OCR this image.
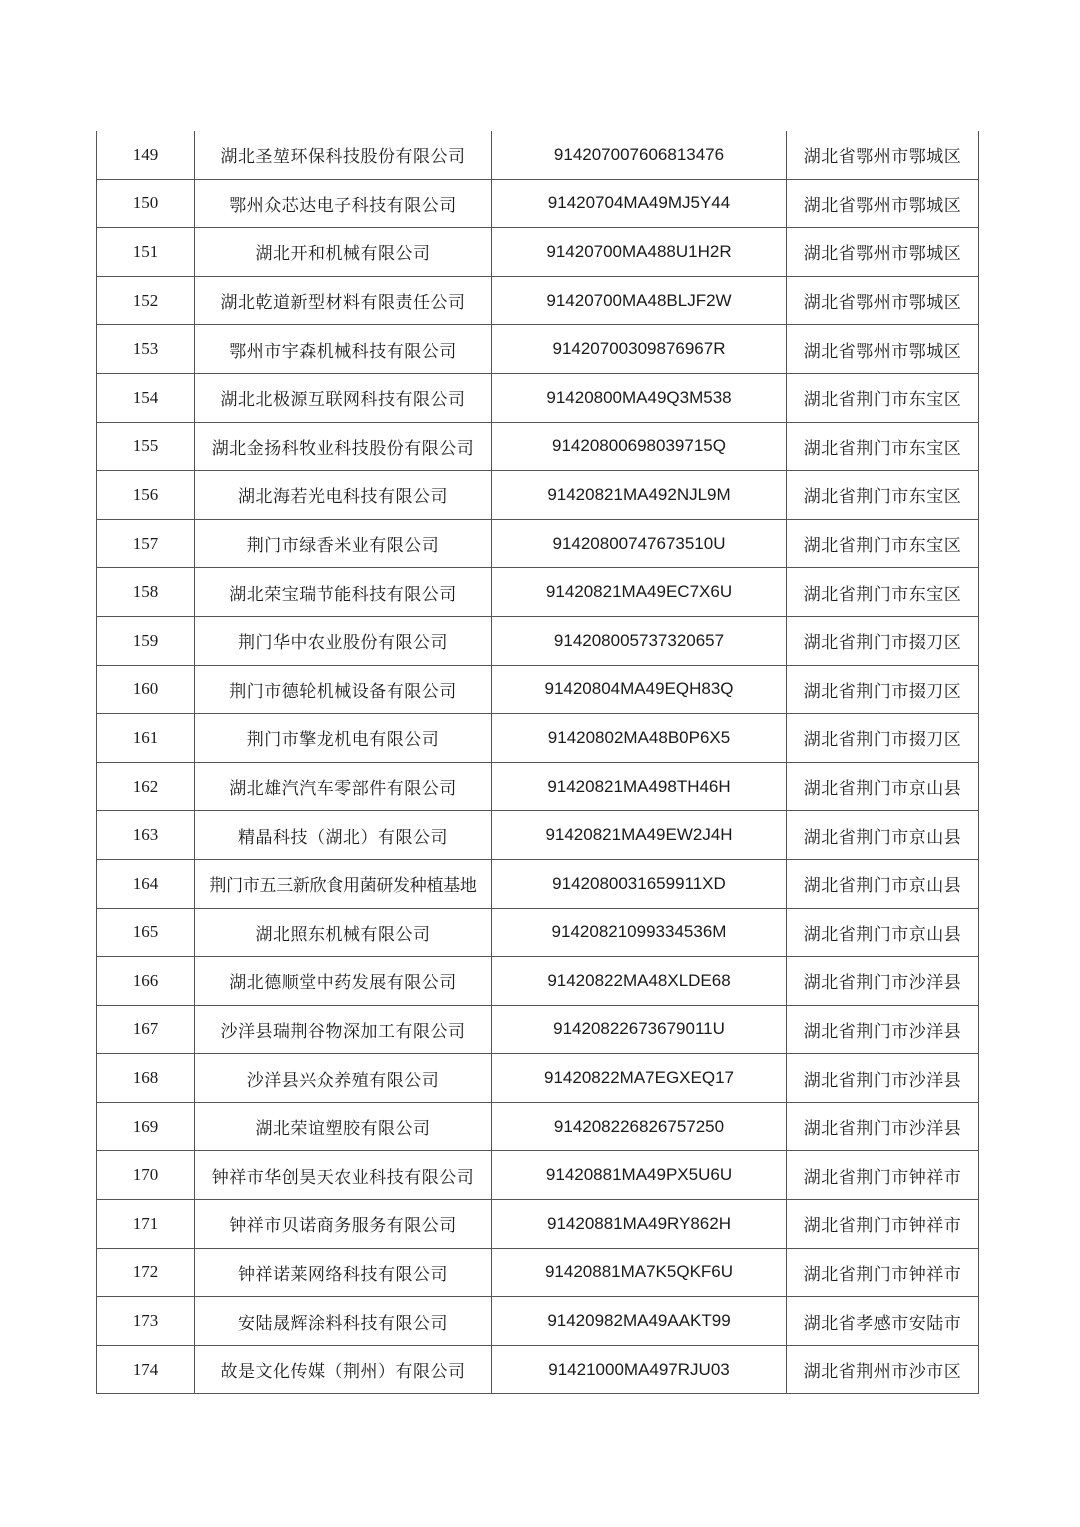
149	湖北圣堃环保科技股份有限公司	914207007606813476	湖北省鄂州市鄂城区
150	鄂州众芯达电子科技有限公司	91420704MA49MJ5Y44	湖北省鄂州市鄂城区
151	湖北开和机械有限公司	91420700MA488U1H2R	湖北省鄂州市鄂城区
152	湖北乾道新型材料有限责任公司	91420700MA48BLJF2W	湖北省鄂州市鄂城区
153	鄂州市宇森机械科技有限公司	91420700309876967R	湖北省鄂州市鄂城区
154	湖北北极源互联网科技有限公司	91420800MA49Q3M538	湖北省荆门市东宝区
155	湖北金扬科牧业科技股份有限公司	91420800698039715Q	湖北省荆门市东宝区
156	湖北海若光电科技有限公司	91420821MA492NJL9M	湖北省荆门市东宝区
157	荆门市绿香米业有限公司	91420800747673510U	湖北省荆门市东宝区
158	湖北荣宝瑞节能科技有限公司	91420821MA49EC7X6U	湖北省荆门市东宝区
159	荆门华中农业股份有限公司	914208005737320657	湖北省荆门市掇刀区
160	荆门市德轮机械设备有限公司	91420804MA49EQH83Q	湖北省荆门市掇刀区
161	荆门市擎龙机电有限公司	91420802MA48B0P6X5	湖北省荆门市掇刀区
162	湖北雄汽汽车零部件有限公司	91420821MA498TH46H	湖北省荆门市京山县
163	精晶科技（湖北）有限公司	91420821MA49EW2J4H	湖北省荆门市京山县
164	荆门市五三新欣食用菌研发种植基地	9142080031659911XD	湖北省荆门市京山县
165	湖北照东机械有限公司	914208210993345​36M	湖北省荆门市京山县
166	湖北德顺堂中药发展有限公司	91420822MA48XLDE68	湖北省荆门市沙洋县
167	沙洋县瑞荆谷物深加工有限公司	91420822673679011U	湖北省荆门市沙洋县
168	沙洋县兴众养殖有限公司	91420822MA7EGXEQ17	湖北省荆门市沙洋县
169	湖北荣谊塑胶有限公司	914208226826757250	湖北省荆门市沙洋县
170	钟祥市华创昊天农业科技有限公司	91420881MA49PX5U6U	湖北省荆门市钟祥市
171	钟祥市贝诺商务服务有限公司	91420881MA49RY862H	湖北省荆门市钟祥市
172	钟祥诺莱网络科技有限公司	91420881MA7K5QKF6U	湖北省荆门市钟祥市
173	安陆晟辉涂料科技有限公司	91420982MA49AAKT99	湖北省孝感市安陆市
174	故是文化传媒（荆州）有限公司	91421000MA497RJU03	湖北省荆州市沙市区
